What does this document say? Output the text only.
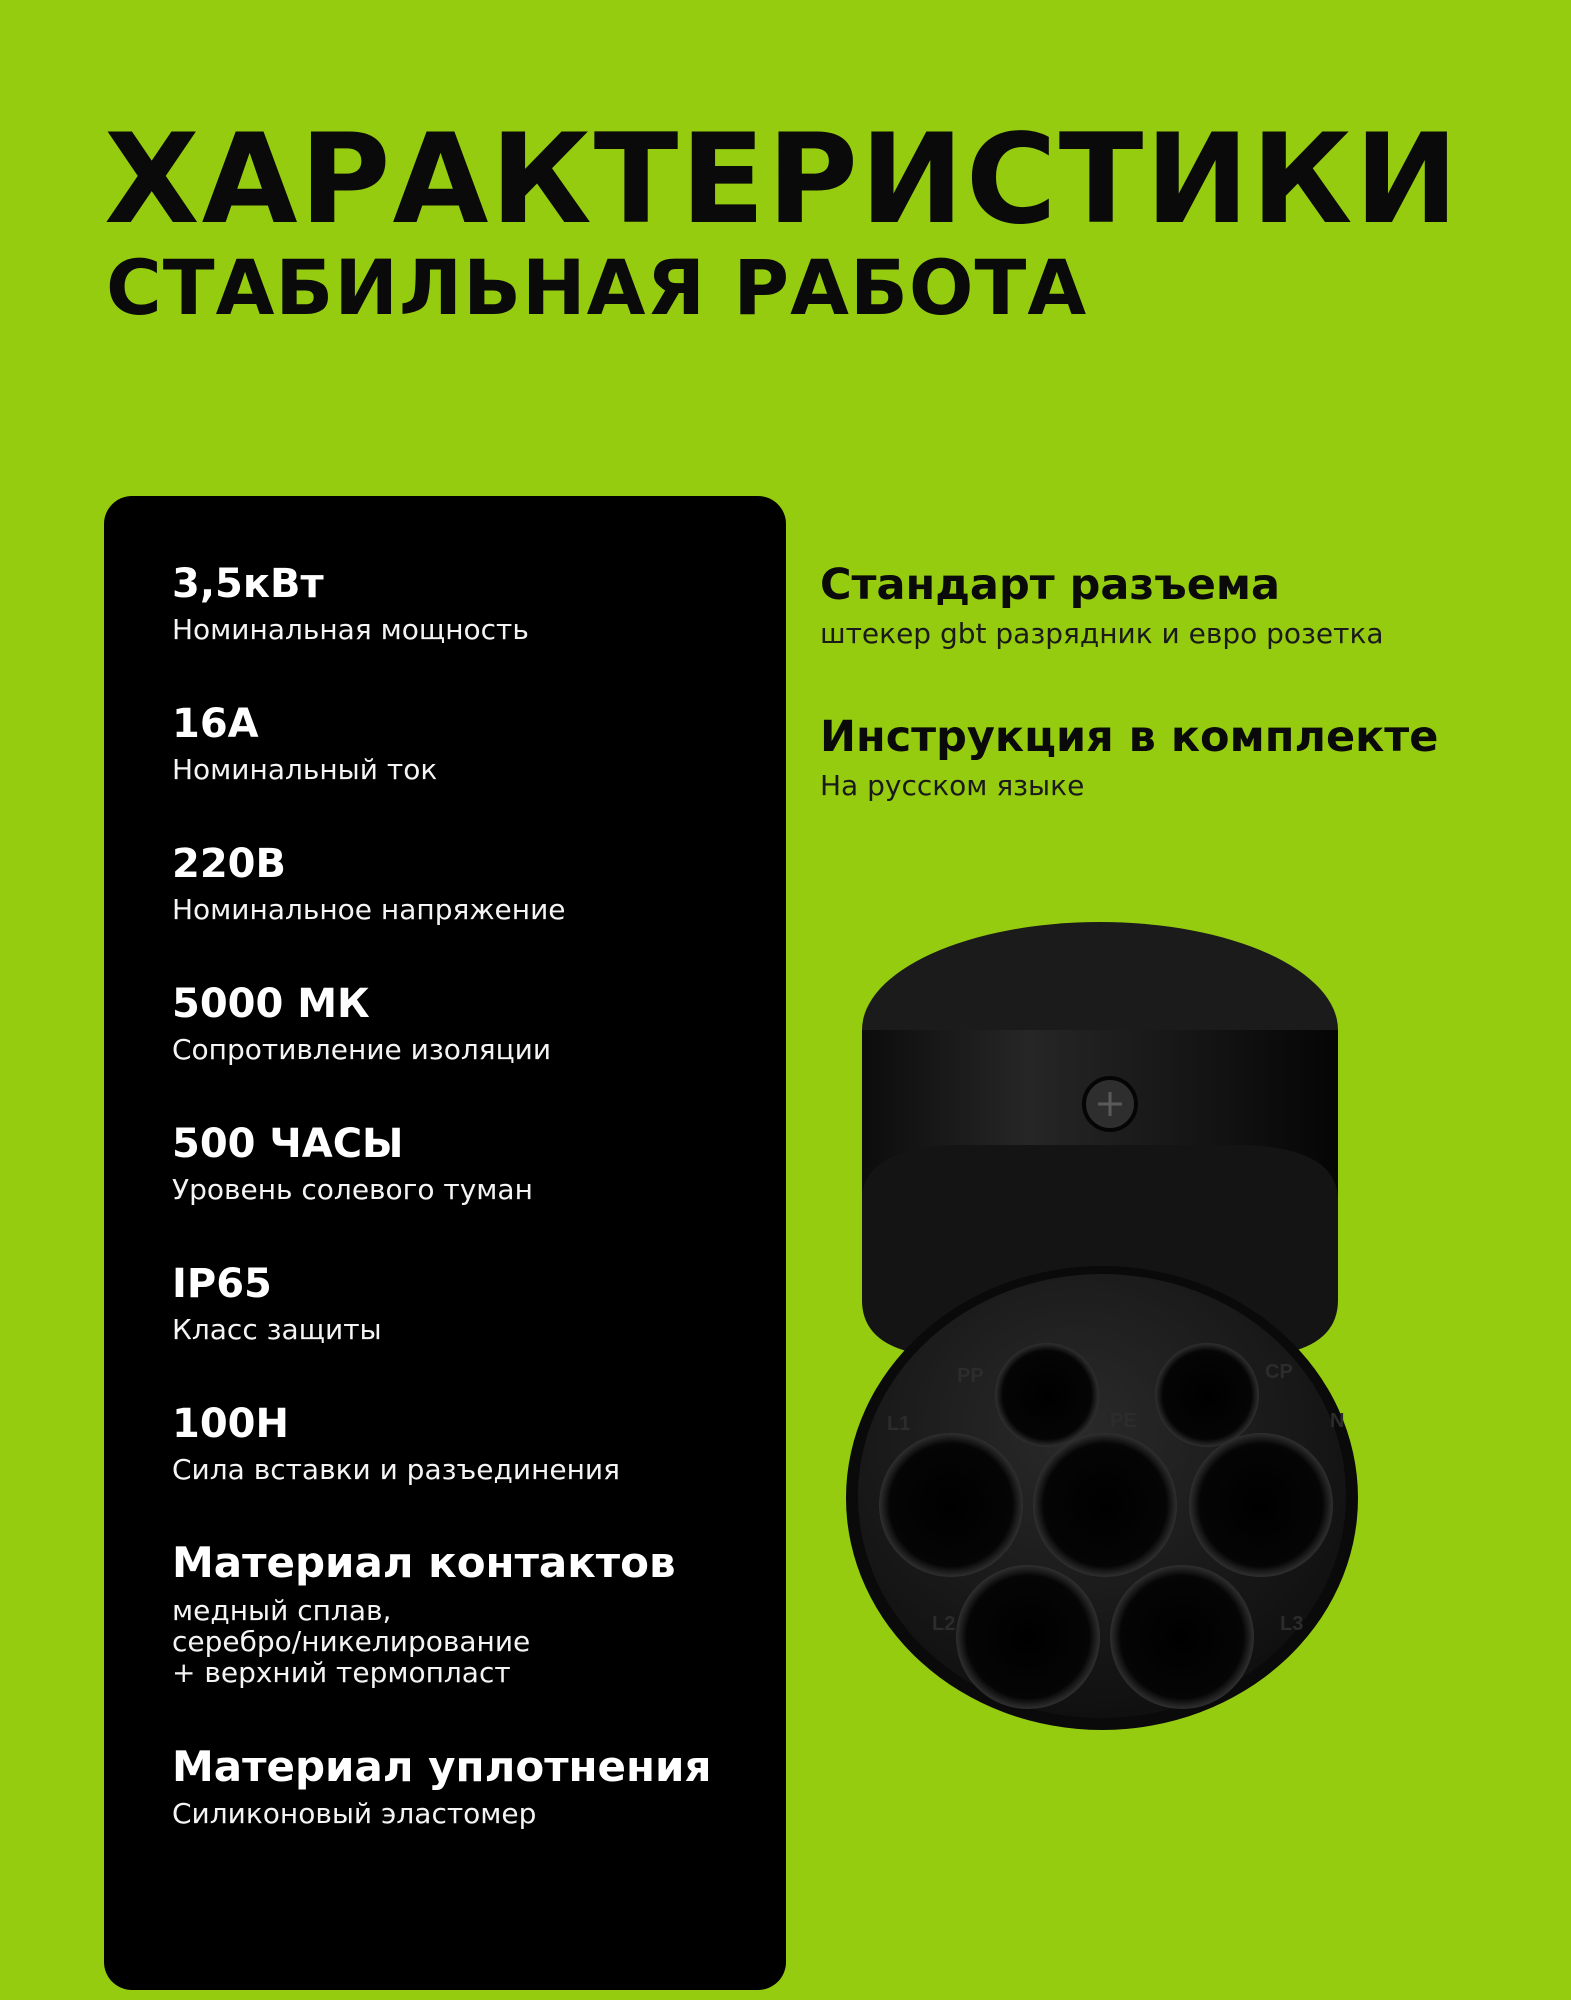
ХАРАКТЕРИСТИКИ
СТАБИЛЬНАЯ РАБОТА
3,5кВт
Номинальная мощность
16A
Номинальный ток
220В
Номинальное напряжение
5000 МК
Сопротивление изоляции
500 ЧАСЫ
Уровень солевого туман
IP65
Класс защиты
100Н
Сила вставки и разъединения
Материал контактов
медный сплав,
серебро/никелирование
+ верхний термопласт
Материал уплотнения
Силиконовый эластомер
Стандарт разъема
штекер gbt разрядник и евро розетка
Инструкция в комплекте
На русском языке
PP	CP
PE
L1	N
L2	L3
